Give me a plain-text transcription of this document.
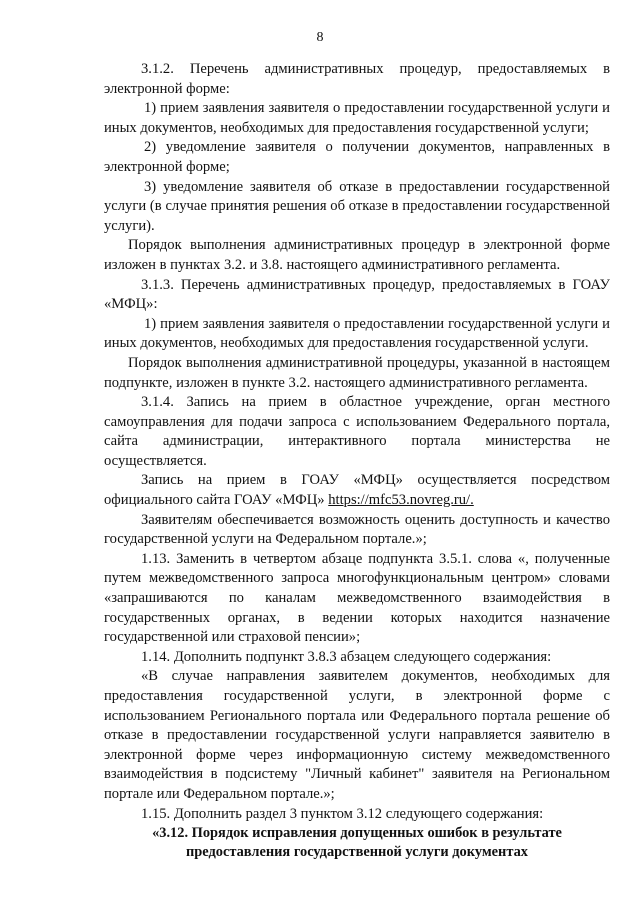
8

3.1.2. Перечень административных процедур, предоставляемых в электронной форме:

1) прием заявления заявителя о предоставлении государственной услуги и иных документов, необходимых для предоставления государственной услуги;

2) уведомление заявителя о получении документов, направленных в электронной форме;

3) уведомление заявителя об отказе в предоставлении государственной услуги (в случае принятия решения об отказе в предоставлении государственной услуги).

Порядок выполнения административных процедур в электронной форме изложен в пунктах 3.2. и 3.8. настоящего административного регламента.

3.1.3. Перечень административных процедур, предоставляемых в ГОАУ «МФЦ»:

1) прием заявления заявителя о предоставлении государственной услуги и иных документов, необходимых для предоставления государственной услуги.

Порядок выполнения административной процедуры, указанной в настоящем подпункте, изложен в пункте 3.2. настоящего административного регламента.

3.1.4. Запись на прием в областное учреждение, орган местного самоуправления для подачи запроса с использованием Федерального портала, сайта администрации, интерактивного портала министерства не осуществляется.

Запись на прием в ГОАУ «МФЦ» осуществляется посредством официального сайта ГОАУ «МФЦ» https://mfc53.novreg.ru/.

Заявителям обеспечивается возможность оценить доступность и качество государственной услуги на Федеральном портале.»;

1.13. Заменить в четвертом абзаце подпункта 3.5.1. слова «, полученные путем межведомственного запроса многофункциональным центром» словами «запрашиваются по каналам межведомственного взаимодействия в государственных органах, в ведении которых находится назначение государственной или страховой пенсии»;

1.14. Дополнить подпункт 3.8.3 абзацем следующего содержания:

«В случае направления заявителем документов, необходимых для предоставления государственной услуги, в электронной форме с использованием Регионального портала или Федерального портала решение об отказе в предоставлении государственной услуги направляется заявителю в электронной форме через информационную систему межведомственного взаимодействия в подсистему "Личный кабинет" заявителя на Региональном портале или Федеральном портале.»;

1.15. Дополнить раздел 3 пунктом 3.12 следующего содержания:

«3.12. Порядок исправления допущенных ошибок в результате
предоставления государственной услуги документах
